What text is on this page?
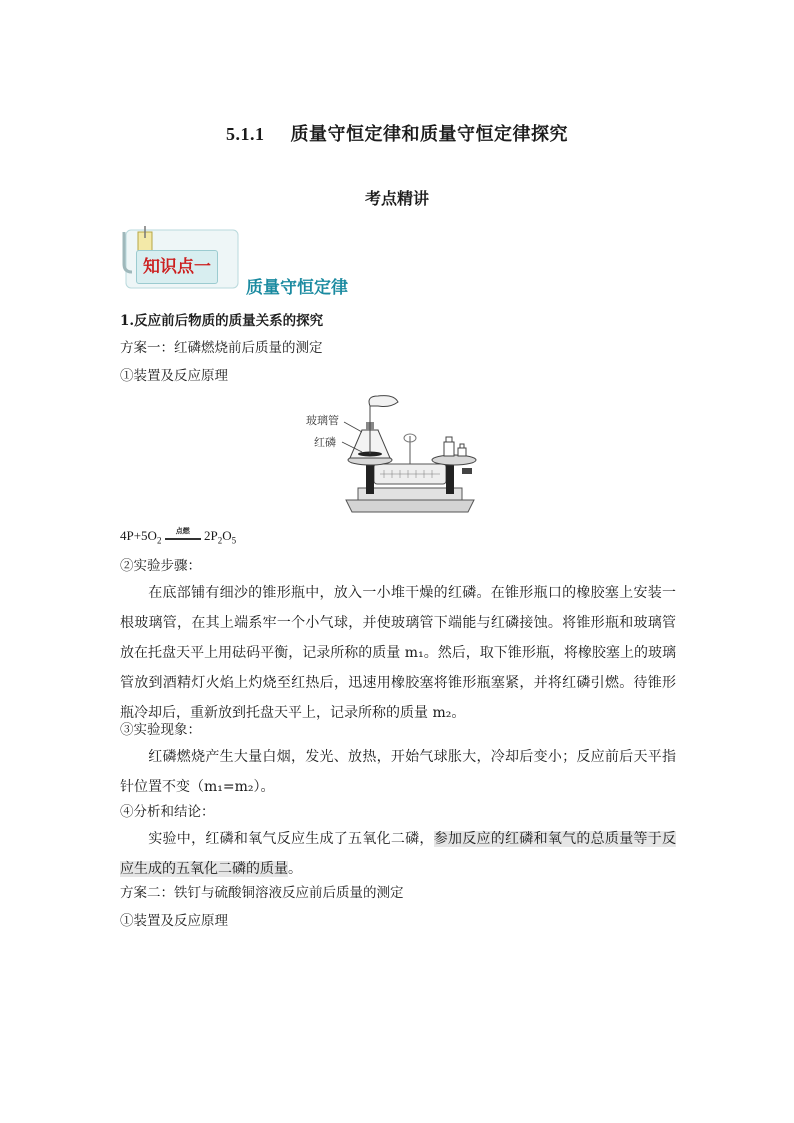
5.1.1 质量守恒定律和质量守恒定律探究
考点精讲
知识点一
质量守恒定律
1.反应前后物质的质量关系的探究
方案一：红磷燃烧前后质量的测定
①装置及反应原理
玻璃管
红磷
$4P+5O_2$
点燃	$2P_2O_5$
②实验步骤：
在底部铺有细沙的锥形瓶中，放入一小堆干燥的红磷。在锥形瓶口的橡胶塞上安装一根玻璃管，在其上端系牢一个小气球，并使玻璃管下端能与红磷接蚀。将锥形瓶和玻璃管放在托盘天平上用砝码平衡，记录所称的质量 m₁。然后，取下锥形瓶，将橡胶塞上的玻璃管放到酒精灯火焰上灼烧至红热后，迅速用橡胶塞将锥形瓶塞紧，并将红磷引燃。待锥形瓶冷却后，重新放到托盘天平上，记录所称的质量 m₂。
③实验现象：
红磷燃烧产生大量白烟，发光、放热，开始气球胀大，冷却后变小；反应前后天平指针位置不变（m₁=m₂）。
④分析和结论：
实验中，红磷和氧气反应生成了五氧化二磷，参加反应的红磷和氧气的总质量等于反应生成的五氧化二磷的质量。
方案二：铁钉与硫酸铜溶液反应前后质量的测定
①装置及反应原理
